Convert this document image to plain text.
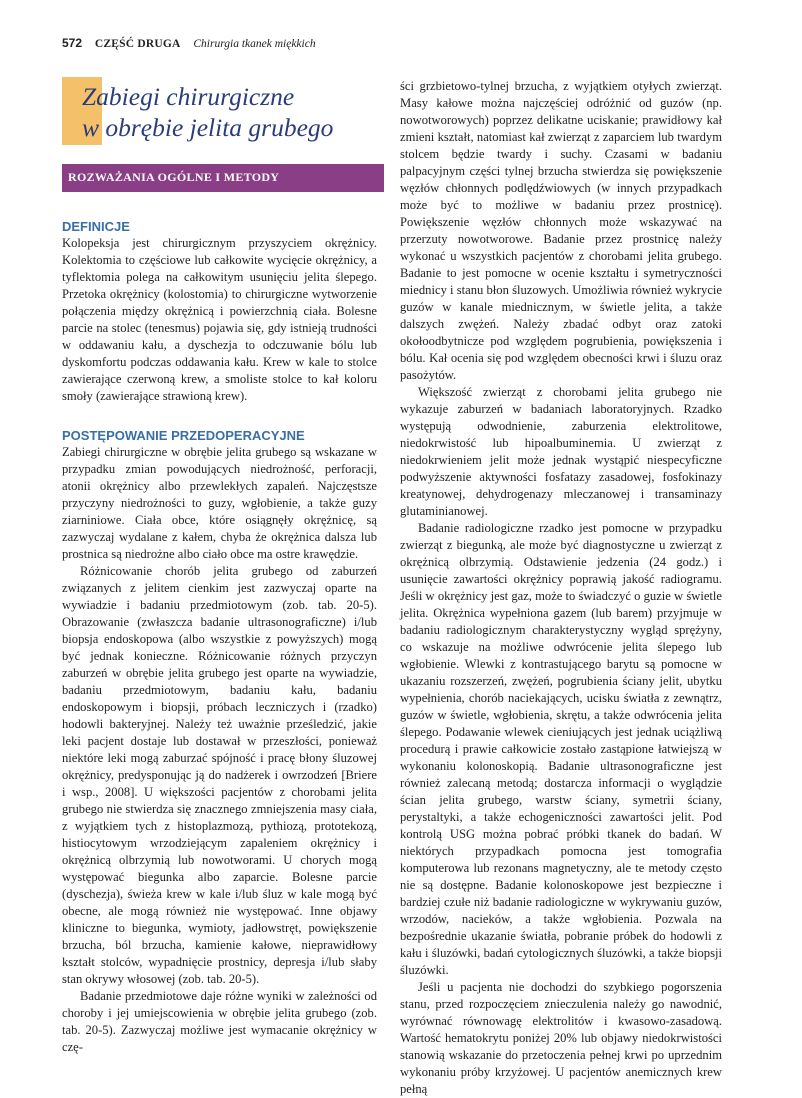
572 CZĘŚĆ DRUGA Chirurgia tkanek miękkich
Zabiegi chirurgiczne
w obrębie jelita grubego
ROZWAŻANIA OGÓLNE I METODY
DEFINICJE

Kolopeksja jest chirurgicznym przyszyciem okrężnicy. Kolektomia to częściowe lub całkowite wycięcie okrężnicy, a tyflektomia polega na całkowitym usunięciu jelita ślepego. Przetoka okrężnicy (kolostomia) to chirurgiczne wytworzenie połączenia między okrężnicą i powierzchnią ciała. Bolesne parcie na stolec (tenesmus) pojawia się, gdy istnieją trudności w oddawaniu kału, a dyschezja to odczuwanie bólu lub dyskomfortu podczas oddawania kału. Krew w kale to stolce zawierające czerwoną krew, a smoliste stolce to kał koloru smoły (zawierające strawioną krew).

POSTĘPOWANIE PRZEDOPERACYJNE

Zabiegi chirurgiczne w obrębie jelita grubego są wskazane w przypadku zmian powodujących niedrożność, perforacji, atonii okrężnicy albo przewlekłych zapaleń. Najczęstsze przyczyny niedrożności to guzy, wgłobienie, a także guzy ziarniniowe. Ciała obce, które osiągnęły okrężnicę, są zazwyczaj wydalane z kałem, chyba że okrężnica dalsza lub prostnica są niedrożne albo ciało obce ma ostre krawędzie.

Różnicowanie chorób jelita grubego od zaburzeń związanych z jelitem cienkim jest zazwyczaj oparte na wywiadzie i badaniu przedmiotowym (zob. tab. 20-5). Obrazowanie (zwłaszcza badanie ultrasonograficzne) i/lub biopsja endoskopowa (albo wszystkie z powyższych) mogą być jednak konieczne. Różnicowanie różnych przyczyn zaburzeń w obrębie jelita grubego jest oparte na wywiadzie, badaniu przedmiotowym, badaniu kału, badaniu endoskopowym i biopsji, próbach leczniczych i (rzadko) hodowli bakteryjnej. Należy też uważnie prześledzić, jakie leki pacjent dostaje lub dostawał w przeszłości, ponieważ niektóre leki mogą zaburzać spójność i pracę błony śluzowej okrężnicy, predysponując ją do nadżerek i owrzodzeń [Briere i wsp., 2008]. U większości pacjentów z chorobami jelita grubego nie stwierdza się znacznego zmniejszenia masy ciała, z wyjątkiem tych z histoplazmozą, pythiozą, prototekozą, histiocytowym wrzodziejącym zapaleniem okrężnicy i okrężnicą olbrzymią lub nowotworami. U chorych mogą występować biegunka albo zaparcie. Bolesne parcie (dyschezja), świeża krew w kale i/lub śluz w kale mogą być obecne, ale mogą również nie występować. Inne objawy kliniczne to biegunka, wymioty, jadłowstręt, powiększenie brzucha, ból brzucha, kamienie kałowe, nieprawidłowy kształt stolców, wypadnięcie prostnicy, depresja i/lub słaby stan okrywy włosowej (zob. tab. 20-5).

Badanie przedmiotowe daje różne wyniki w zależności od choroby i jej umiejscowienia w obrębie jelita grubego (zob. tab. 20-5). Zazwyczaj możliwe jest wymacanie okrężnicy w czę-

ści grzbietowo-tylnej brzucha, z wyjątkiem otyłych zwierząt. Masy kałowe można najczęściej odróżnić od guzów (np. nowotworowych) poprzez delikatne uciskanie; prawidłowy kał zmieni kształt, natomiast kał zwierząt z zaparciem lub twardym stolcem będzie twardy i suchy. Czasami w badaniu palpacyjnym części tylnej brzucha stwierdza się powiększenie węzłów chłonnych podlędźwiowych (w innych przypadkach może być to możliwe w badaniu przez prostnicę). Powiększenie węzłów chłonnych może wskazywać na przerzuty nowotworowe. Badanie przez prostnicę należy wykonać u wszystkich pacjentów z chorobami jelita grubego. Badanie to jest pomocne w ocenie kształtu i symetryczności miednicy i stanu błon śluzowych. Umożliwia również wykrycie guzów w kanale miednicznym, w świetle jelita, a także dalszych zwężeń. Należy zbadać odbyt oraz zatoki okołoodbytnicze pod względem pogrubienia, powiększenia i bólu. Kał ocenia się pod względem obecności krwi i śluzu oraz pasożytów.

Większość zwierząt z chorobami jelita grubego nie wykazuje zaburzeń w badaniach laboratoryjnych. Rzadko występują odwodnienie, zaburzenia elektrolitowe, niedokrwistość lub hipoalbuminemia. U zwierząt z niedokrwieniem jelit może jednak wystąpić niespecyficzne podwyższenie aktywności fosfatazy zasadowej, fosfokinazy kreatynowej, dehydrogenazy mleczanowej i transaminazy glutaminianowej.

Badanie radiologiczne rzadko jest pomocne w przypadku zwierząt z biegunką, ale może być diagnostyczne u zwierząt z okrężnicą olbrzymią. Odstawienie jedzenia (24 godz.) i usunięcie zawartości okrężnicy poprawią jakość radiogramu. Jeśli w okrężnicy jest gaz, może to świadczyć o guzie w świetle jelita. Okrężnica wypełniona gazem (lub barem) przyjmuje w badaniu radiologicznym charakterystyczny wygląd sprężyny, co wskazuje na możliwe odwrócenie jelita ślepego lub wgłobienie. Wlewki z kontrastującego barytu są pomocne w ukazaniu rozszerzeń, zwężeń, pogrubienia ściany jelit, ubytku wypełnienia, chorób naciekających, ucisku światła z zewnątrz, guzów w świetle, wgłobienia, skrętu, a także odwrócenia jelita ślepego. Podawanie wlewek cieniujących jest jednak uciążliwą procedurą i prawie całkowicie zostało zastąpione łatwiejszą w wykonaniu kolonoskopią. Badanie ultrasonograficzne jest również zalecaną metodą; dostarcza informacji o wyglądzie ścian jelita grubego, warstw ściany, symetrii ściany, perystaltyki, a także echogeniczności zawartości jelit. Pod kontrolą USG można pobrać próbki tkanek do badań. W niektórych przypadkach pomocna jest tomografia komputerowa lub rezonans magnetyczny, ale te metody często nie są dostępne. Badanie kolonoskopowe jest bezpieczne i bardziej czułe niż badanie radiologiczne w wykrywaniu guzów, wrzodów, nacieków, a także wgłobienia. Pozwala na bezpośrednie ukazanie światła, pobranie próbek do hodowli z kału i śluzówki, badań cytologicznych śluzówki, a także biopsji śluzówki.

Jeśli u pacjenta nie dochodzi do szybkiego pogorszenia stanu, przed rozpoczęciem znieczulenia należy go nawodnić, wyrównać równowagę elektrolitów i kwasowo-zasadową. Wartość hematokrytu poniżej 20% lub objawy niedokrwistości stanowią wskazanie do przetoczenia pełnej krwi po uprzednim wykonaniu próby krzyżowej. U pacjentów anemicznych krew pełną
